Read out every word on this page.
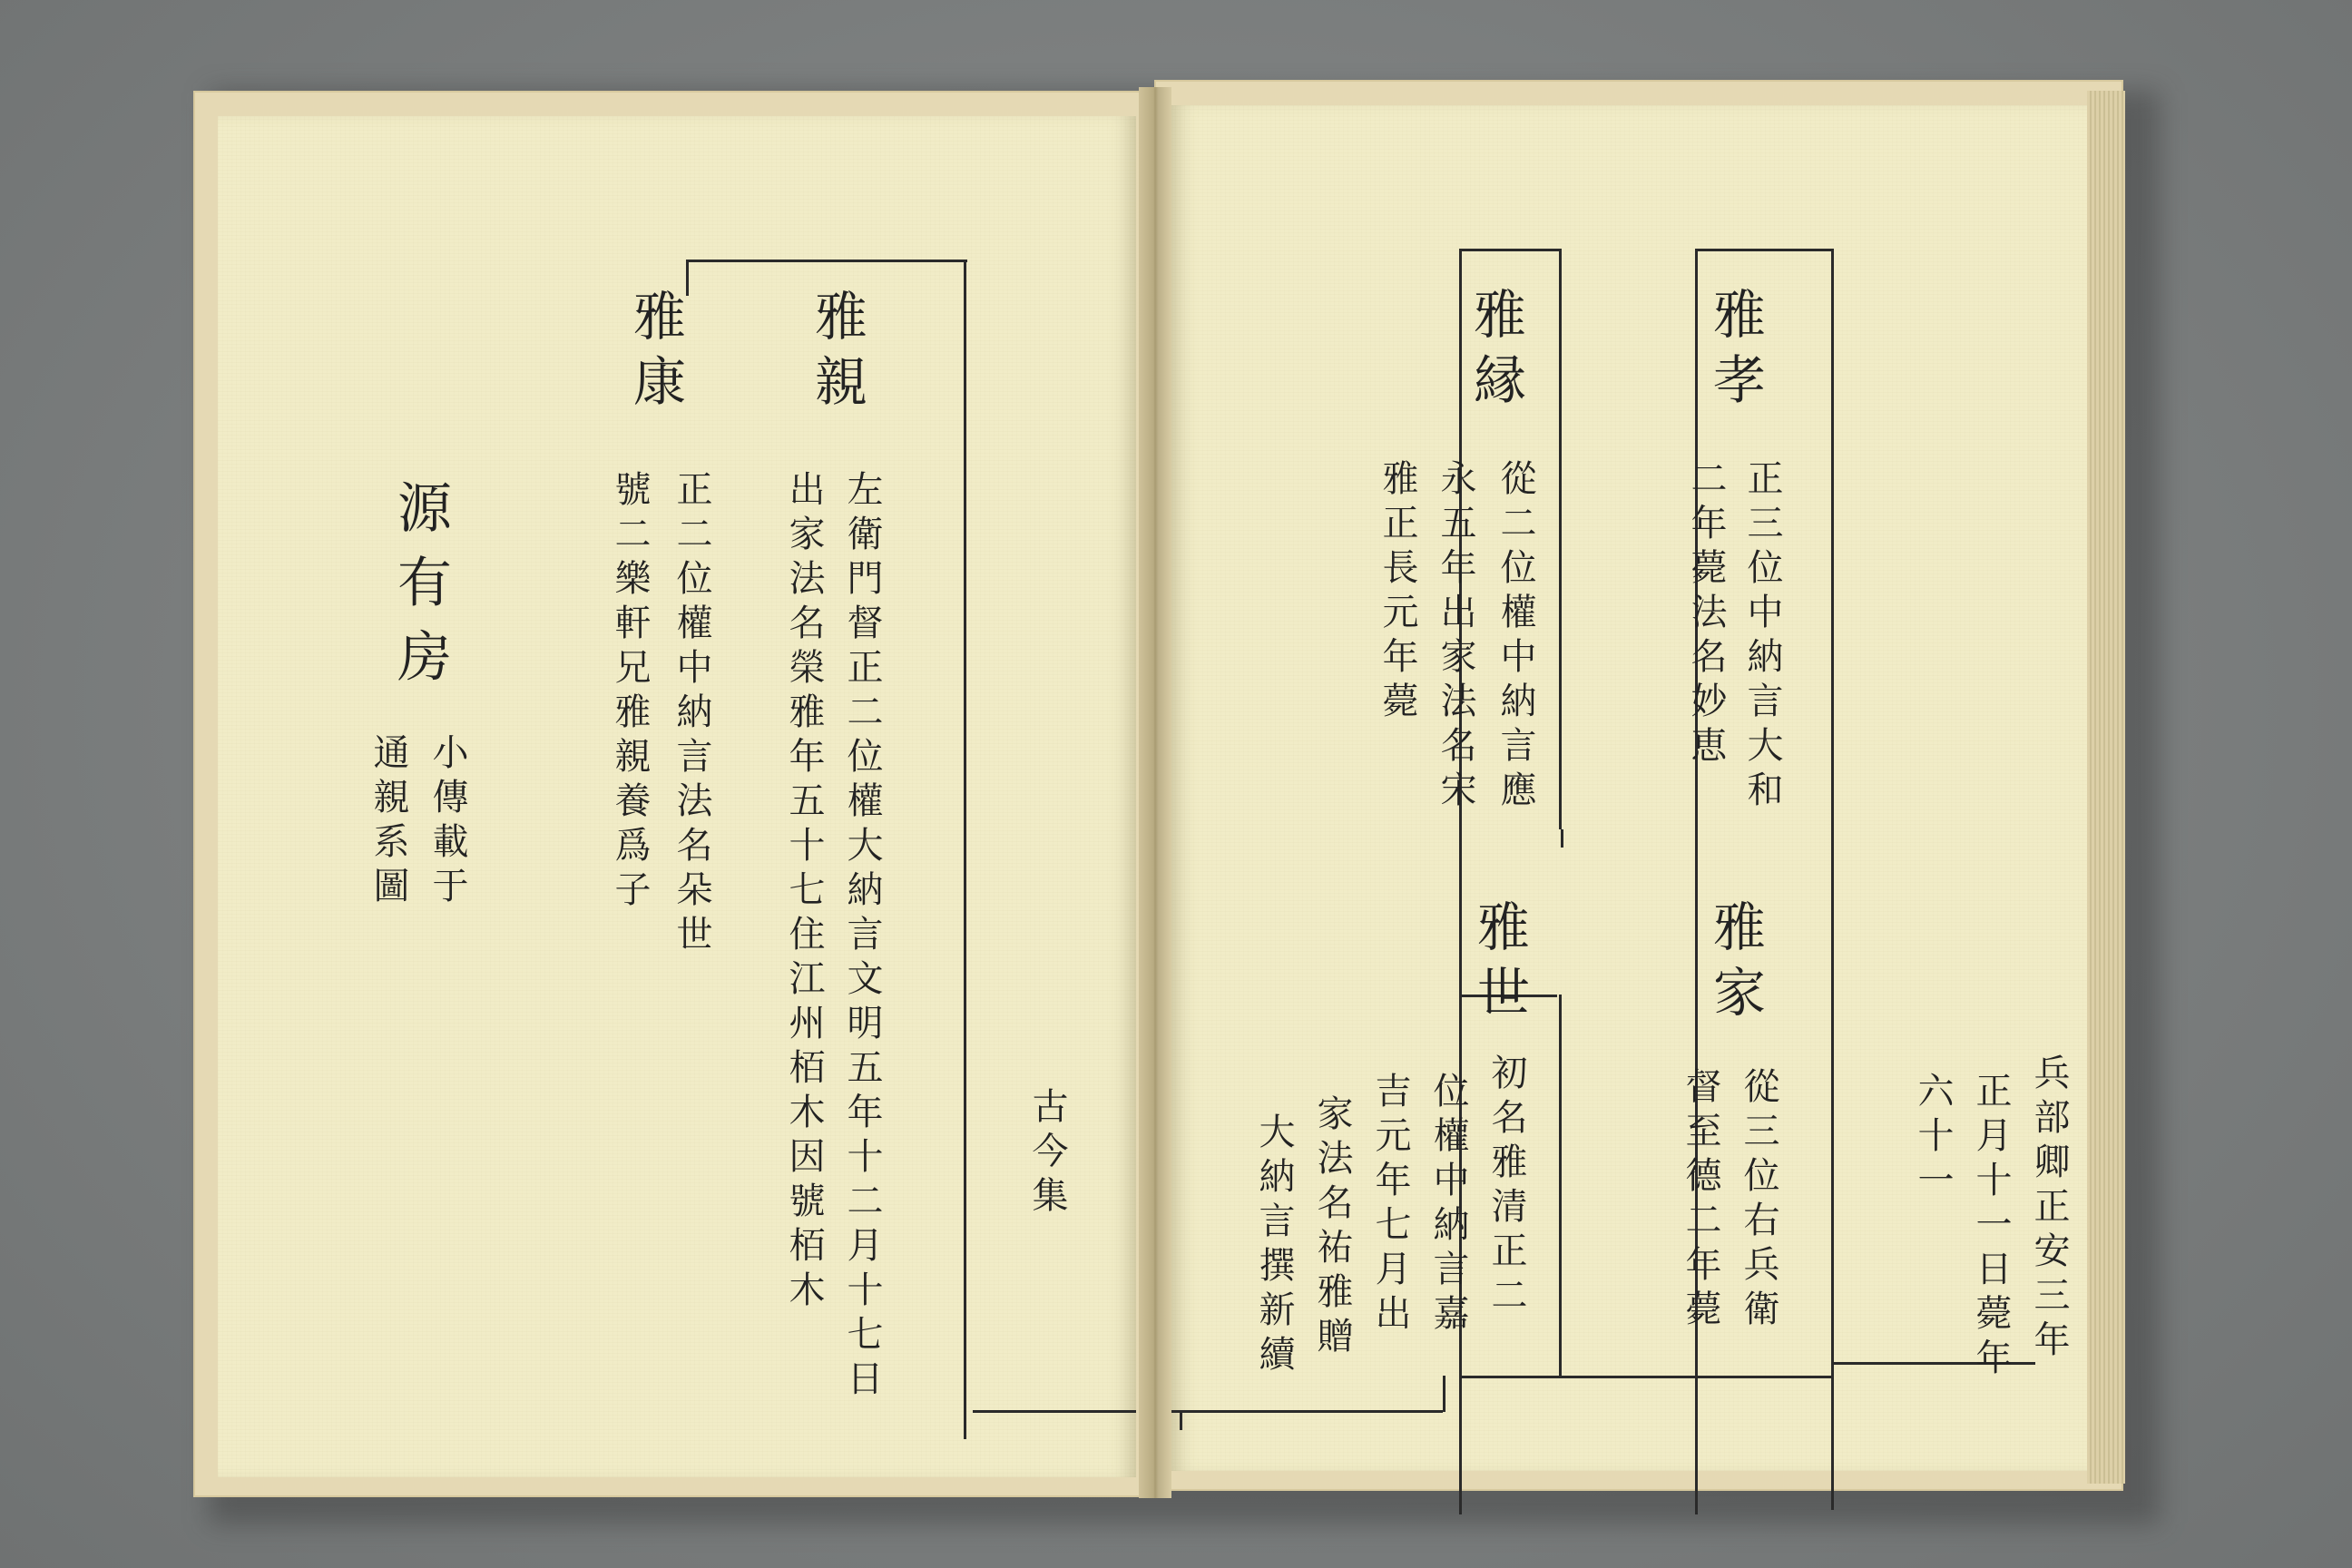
雅親
左衛門督正二位權大納言文明五年十二月十七日
出家法名榮雅年五十七住江州栢木因號栢木
雅康
正二位權中納言法名朵世
號二樂軒兄雅親養爲子
古今集
源有房
小傳載于
通親系圖
雅孝
正三位中納言大和
二年薨法名妙恵
雅縁
從二位權中納言應
永五年出家法名宋
雅正長元年薨
雅家
從三位右兵衛
督至德二年薨
雅世
初名雅清正二
位權中納言嘉
吉元年七月出
家法名祐雅贈
大納言撰新續	兵部卿正安三年
正月十一日薨年
六十一
